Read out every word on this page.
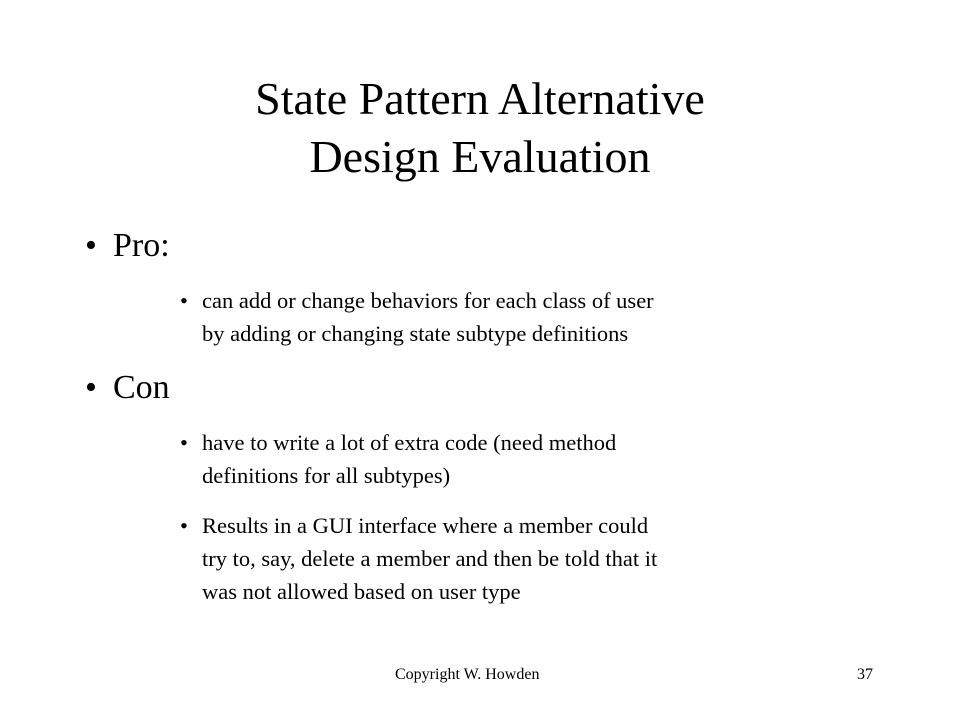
State Pattern Alternative
Design Evaluation
• Pro:
• can add or change behaviors for each class of user
by adding or changing state subtype definitions
• Con
• have to write a lot of extra code (need method
definitions for all subtypes)
• Results in a GUI interface where a member could
try to, say, delete a member and then be told that it
was not allowed based on user type
Copyright W. Howden	37
